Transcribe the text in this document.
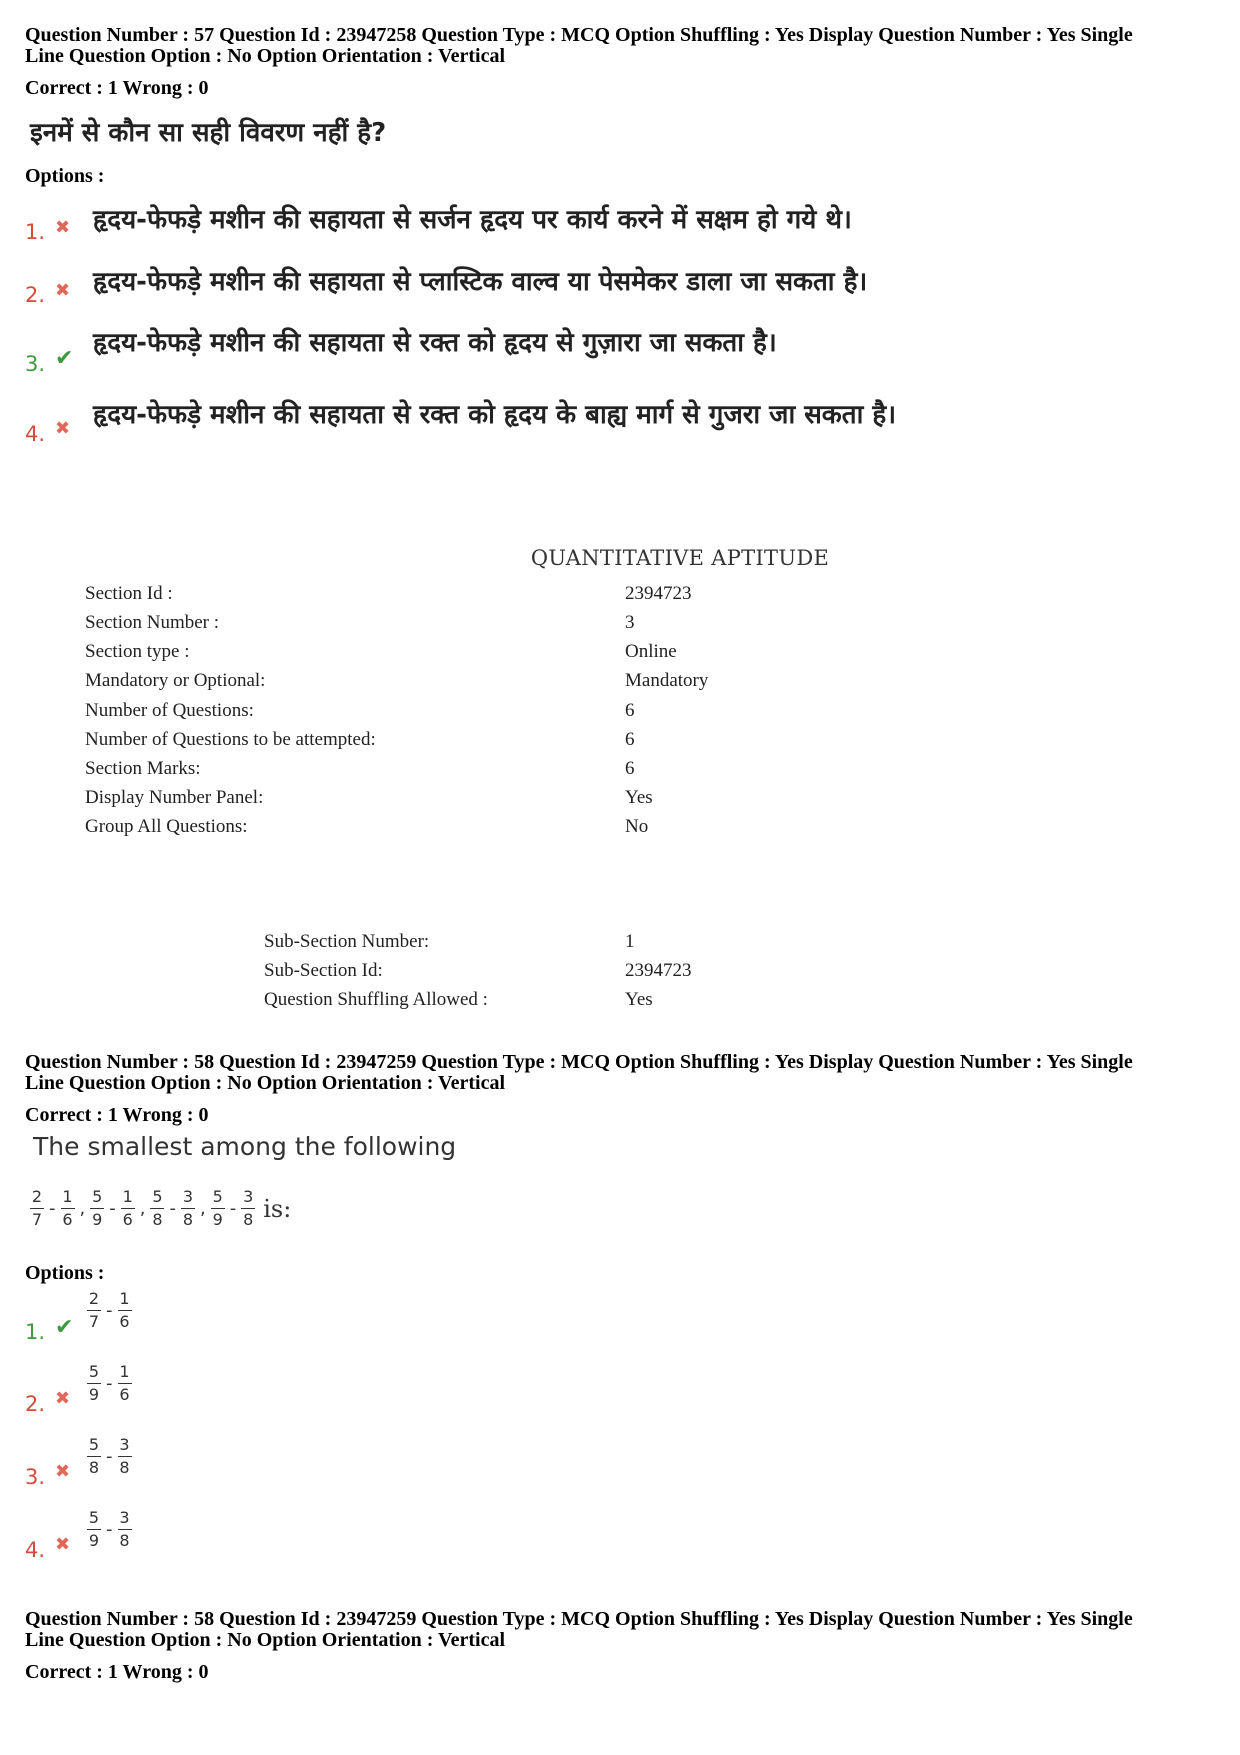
Question Number : 57 Question Id : 23947258 Question Type : MCQ Option Shuffling : Yes Display Question Number : Yes Single
Line Question Option : No Option Orientation : Vertical
Correct : 1 Wrong : 0
इनमें से कौन सा सही विवरण नहीं है?
Options :
1. ✖ हृदय-फेफड़े मशीन की सहायता से सर्जन हृदय पर कार्य करने में सक्षम हो गये थे।
2. ✖ हृदय-फेफड़े मशीन की सहायता से प्लास्टिक वाल्व या पेसमेकर डाला जा सकता है।
3. ✔
हृदय-फेफड़े मशीन की सहायता से रक्त को हृदय से गुज़ारा जा सकता है।
4. ✖ हृदय-फेफड़े मशीन की सहायता से रक्त को हृदय के बाह्य मार्ग से गुजरा जा सकता है।
QUANTITATIVE APTITUDE
Section Id :	2394723
Section Number :	3
Section type :	Online
Mandatory or Optional:	Mandatory
Number of Questions:	6
Number of Questions to be attempted:	6
Section Marks:	6
Display Number Panel:	Yes
Group All Questions:	No
Sub-Section Number:	1
Sub-Section Id:	2394723
Question Shuffling Allowed :	Yes
Question Number : 58 Question Id : 23947259 Question Type : MCQ Option Shuffling : Yes Display Question Number : Yes Single
Line Question Option : No Option Orientation : Vertical
Correct : 1 Wrong : 0
The smallest among the following
$\frac{2}{7} - \frac{1}{6}$ , $\frac{5}{9} - \frac{1}{6}$ , $\frac{5}{8} - \frac{3}{8}$ , $\frac{5}{9} - \frac{3}{8}$ is:
Options :
1. ✔ $\frac{2}{7} - \frac{1}{6}$
2. ✖ $\frac{5}{9} - \frac{1}{6}$
3. ✖ $\frac{5}{8} - \frac{3}{8}$
4. ✖ $\frac{5}{9} - \frac{3}{8}$
Question Number : 58 Question Id : 23947259 Question Type : MCQ Option Shuffling : Yes Display Question Number : Yes Single
Line Question Option : No Option Orientation : Vertical
Correct : 1 Wrong : 0
